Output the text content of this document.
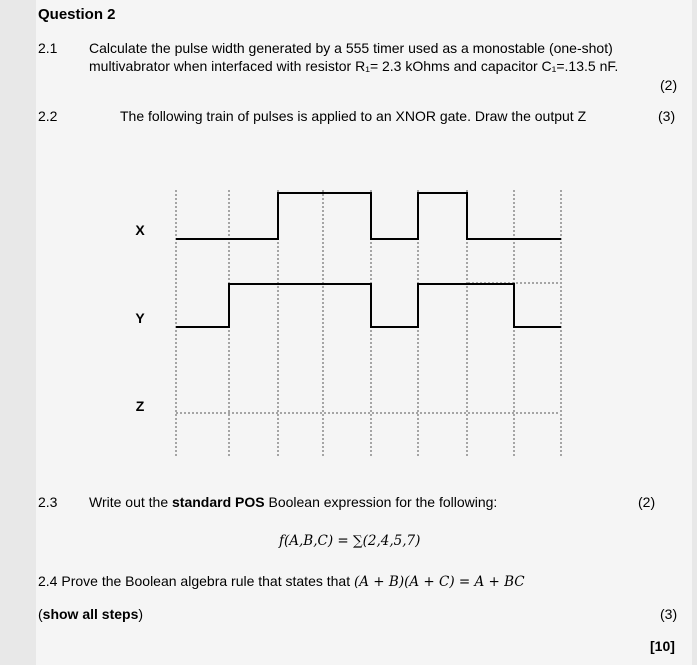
Question 2
2.1 Calculate the pulse width generated by a 555 timer used as a monostable (one-shot)
multivabrator when interfaced with resistor R₁= 2.3 kOhms and capacitor C₁=.13.5 nF.
(2)
2.2	The following train of pulses is applied to an XNOR gate. Draw the output Z	(3)
X
Y
Z
2.3 Write out the standard POS Boolean expression for the following:	(2)
f(A,B,C) = ∑(2,4,5,7)
2.4 Prove the Boolean algebra rule that states that (A + B)(A + C) = A + BC
(show all steps)	(3)
[10]
